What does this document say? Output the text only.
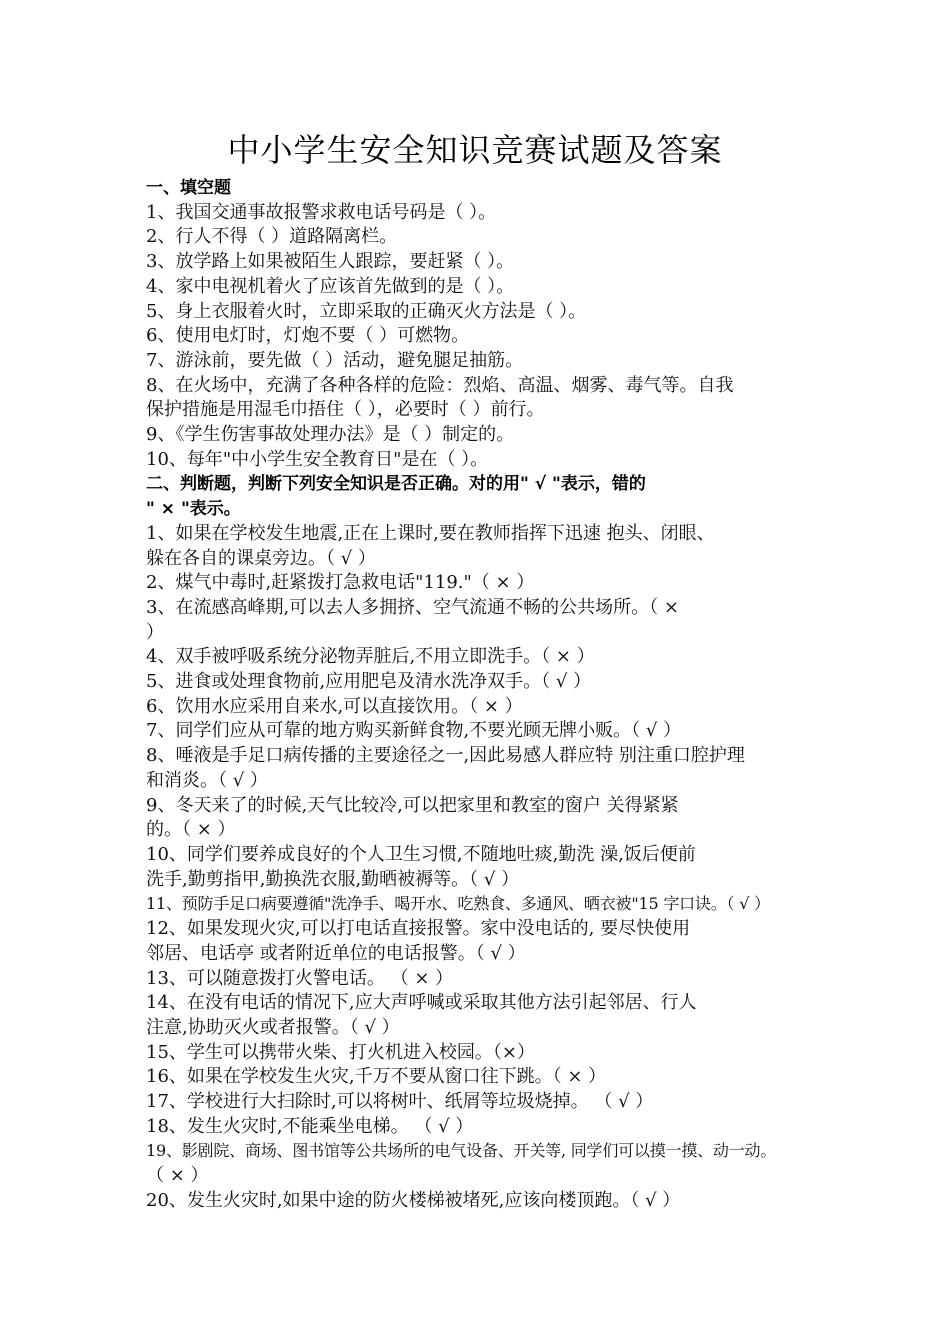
中小学生安全知识竞赛试题及答案
一、填空题
1、我国交通事故报警求救电话号码是（ ）。
2、行人不得（ ）道路隔离栏。
3、放学路上如果被陌生人跟踪，要赶紧（ ）。
4、家中电视机着火了应该首先做到的是（ ）。
5、身上衣服着火时，立即采取的正确灭火方法是（ ）。
6、使用电灯时，灯炮不要（ ）可燃物。
7、游泳前，要先做（ ）活动，避免腿足抽筋。
8、在火场中，充满了各种各样的危险：烈焰、高温、烟雾、毒气等。自我
保护措施是用湿毛巾捂住（ ），必要时（ ）前行。
9、《学生伤害事故处理办法》是（ ）制定的。
10、每年"中小学生安全教育日"是在（ ）。
二、判断题，判断下列安全知识是否正确。对的用" √ "表示，错的
" × "表示。
1、如果在学校发生地震,正在上课时,要在教师指挥下迅速 抱头、闭眼、
躲在各自的课桌旁边。（ √ ）
2、煤气中毒时,赶紧拨打急救电话"119."（ × ）
3、在流感高峰期,可以去人多拥挤、空气流通不畅的公共场所。（ ×
）
4、双手被呼吸系统分泌物弄脏后,不用立即洗手。（ × ）
5、进食或处理食物前,应用肥皂及清水洗净双手。（ √ ）
6、饮用水应采用自来水,可以直接饮用。（ × ）
7、同学们应从可靠的地方购买新鲜食物,不要光顾无牌小贩。（ √ ）
8、唾液是手足口病传播的主要途径之一,因此易感人群应特 别注重口腔护理
和消炎。（ √ ）
9、冬天来了的时候,天气比较冷,可以把家里和教室的窗户 关得紧紧
的。（ × ）
10、同学们要养成良好的个人卫生习惯,不随地吐痰,勤洗 澡,饭后便前
洗手,勤剪指甲,勤换洗衣服,勤晒被褥等。（ √ ）
11、预防手足口病要遵循"洗净手、喝开水、吃熟食、多通风、晒衣被"15 字口诀。（ √ ）
12、如果发现火灾,可以打电话直接报警。家中没电话的, 要尽快使用
邻居、电话亭 或者附近单位的电话报警。（ √ ）
13、可以随意拨打火警电话。 （ × ）
14、在没有电话的情况下,应大声呼喊或采取其他方法引起邻居、行人
注意,协助灭火或者报警。（ √ ）
15、学生可以携带火柴、打火机进入校园。（×）
16、如果在学校发生火灾,千万不要从窗口往下跳。（ × ）
17、学校进行大扫除时,可以将树叶、纸屑等垃圾烧掉。 （ √ ）
18、发生火灾时,不能乘坐电梯。 （ √ ）
19、影剧院、商场、图书馆等公共场所的电气设备、开关等, 同学们可以摸一摸、动一动。
（ × ）
20、发生火灾时,如果中途的防火楼梯被堵死,应该向楼顶跑。（ √ ）
